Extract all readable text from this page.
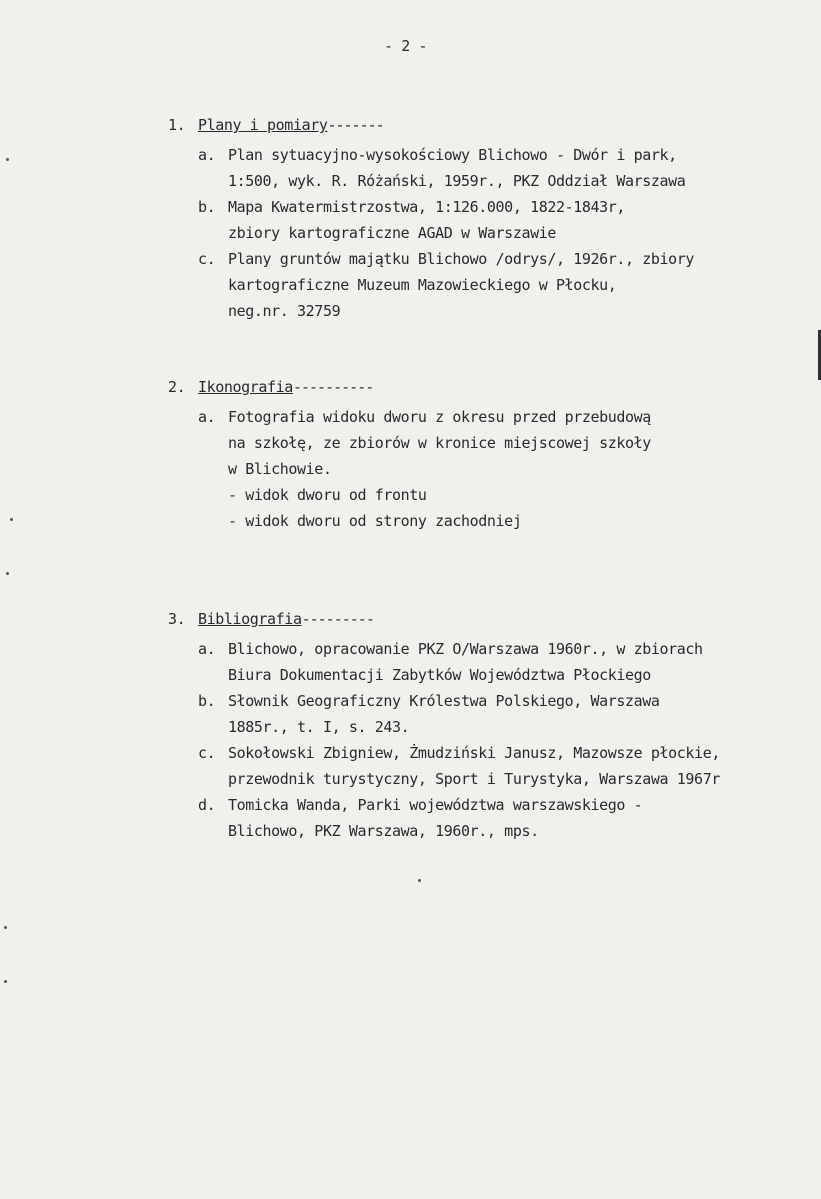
- 2 -
1. Plany i pomiary-------
a. Plan sytuacyjno-wysokościowy Blichowo - Dwór i park,
1:500, wyk. R. Różański, 1959r., PKZ Oddział Warszawa
b. Mapa Kwatermistrzostwa, 1:126.000, 1822-1843r,
zbiory kartograficzne AGAD w Warszawie
c. Plany gruntów majątku Blichowo /odrys/, 1926r., zbiory
kartograficzne Muzeum Mazowieckiego w Płocku,
neg.nr. 32759
2. Ikonografia----------
a. Fotografia widoku dworu z okresu przed przebudową
na szkołę, ze zbiorów w kronice miejscowej szkoły
w Blichowie.
- widok dworu od frontu
- widok dworu od strony zachodniej
3. Bibliografia---------
a. Blichowo, opracowanie PKZ O/Warszawa 1960r., w zbiorach
Biura Dokumentacji Zabytków Województwa Płockiego
b. Słownik Geograficzny Królestwa Polskiego, Warszawa
1885r., t. I, s. 243.
c. Sokołowski Zbigniew, Żmudziński Janusz, Mazowsze płockie,
przewodnik turystyczny, Sport i Turystyka, Warszawa 1967r
d. Tomicka Wanda, Parki województwa warszawskiego -
Blichowo, PKZ Warszawa, 1960r., mps.
